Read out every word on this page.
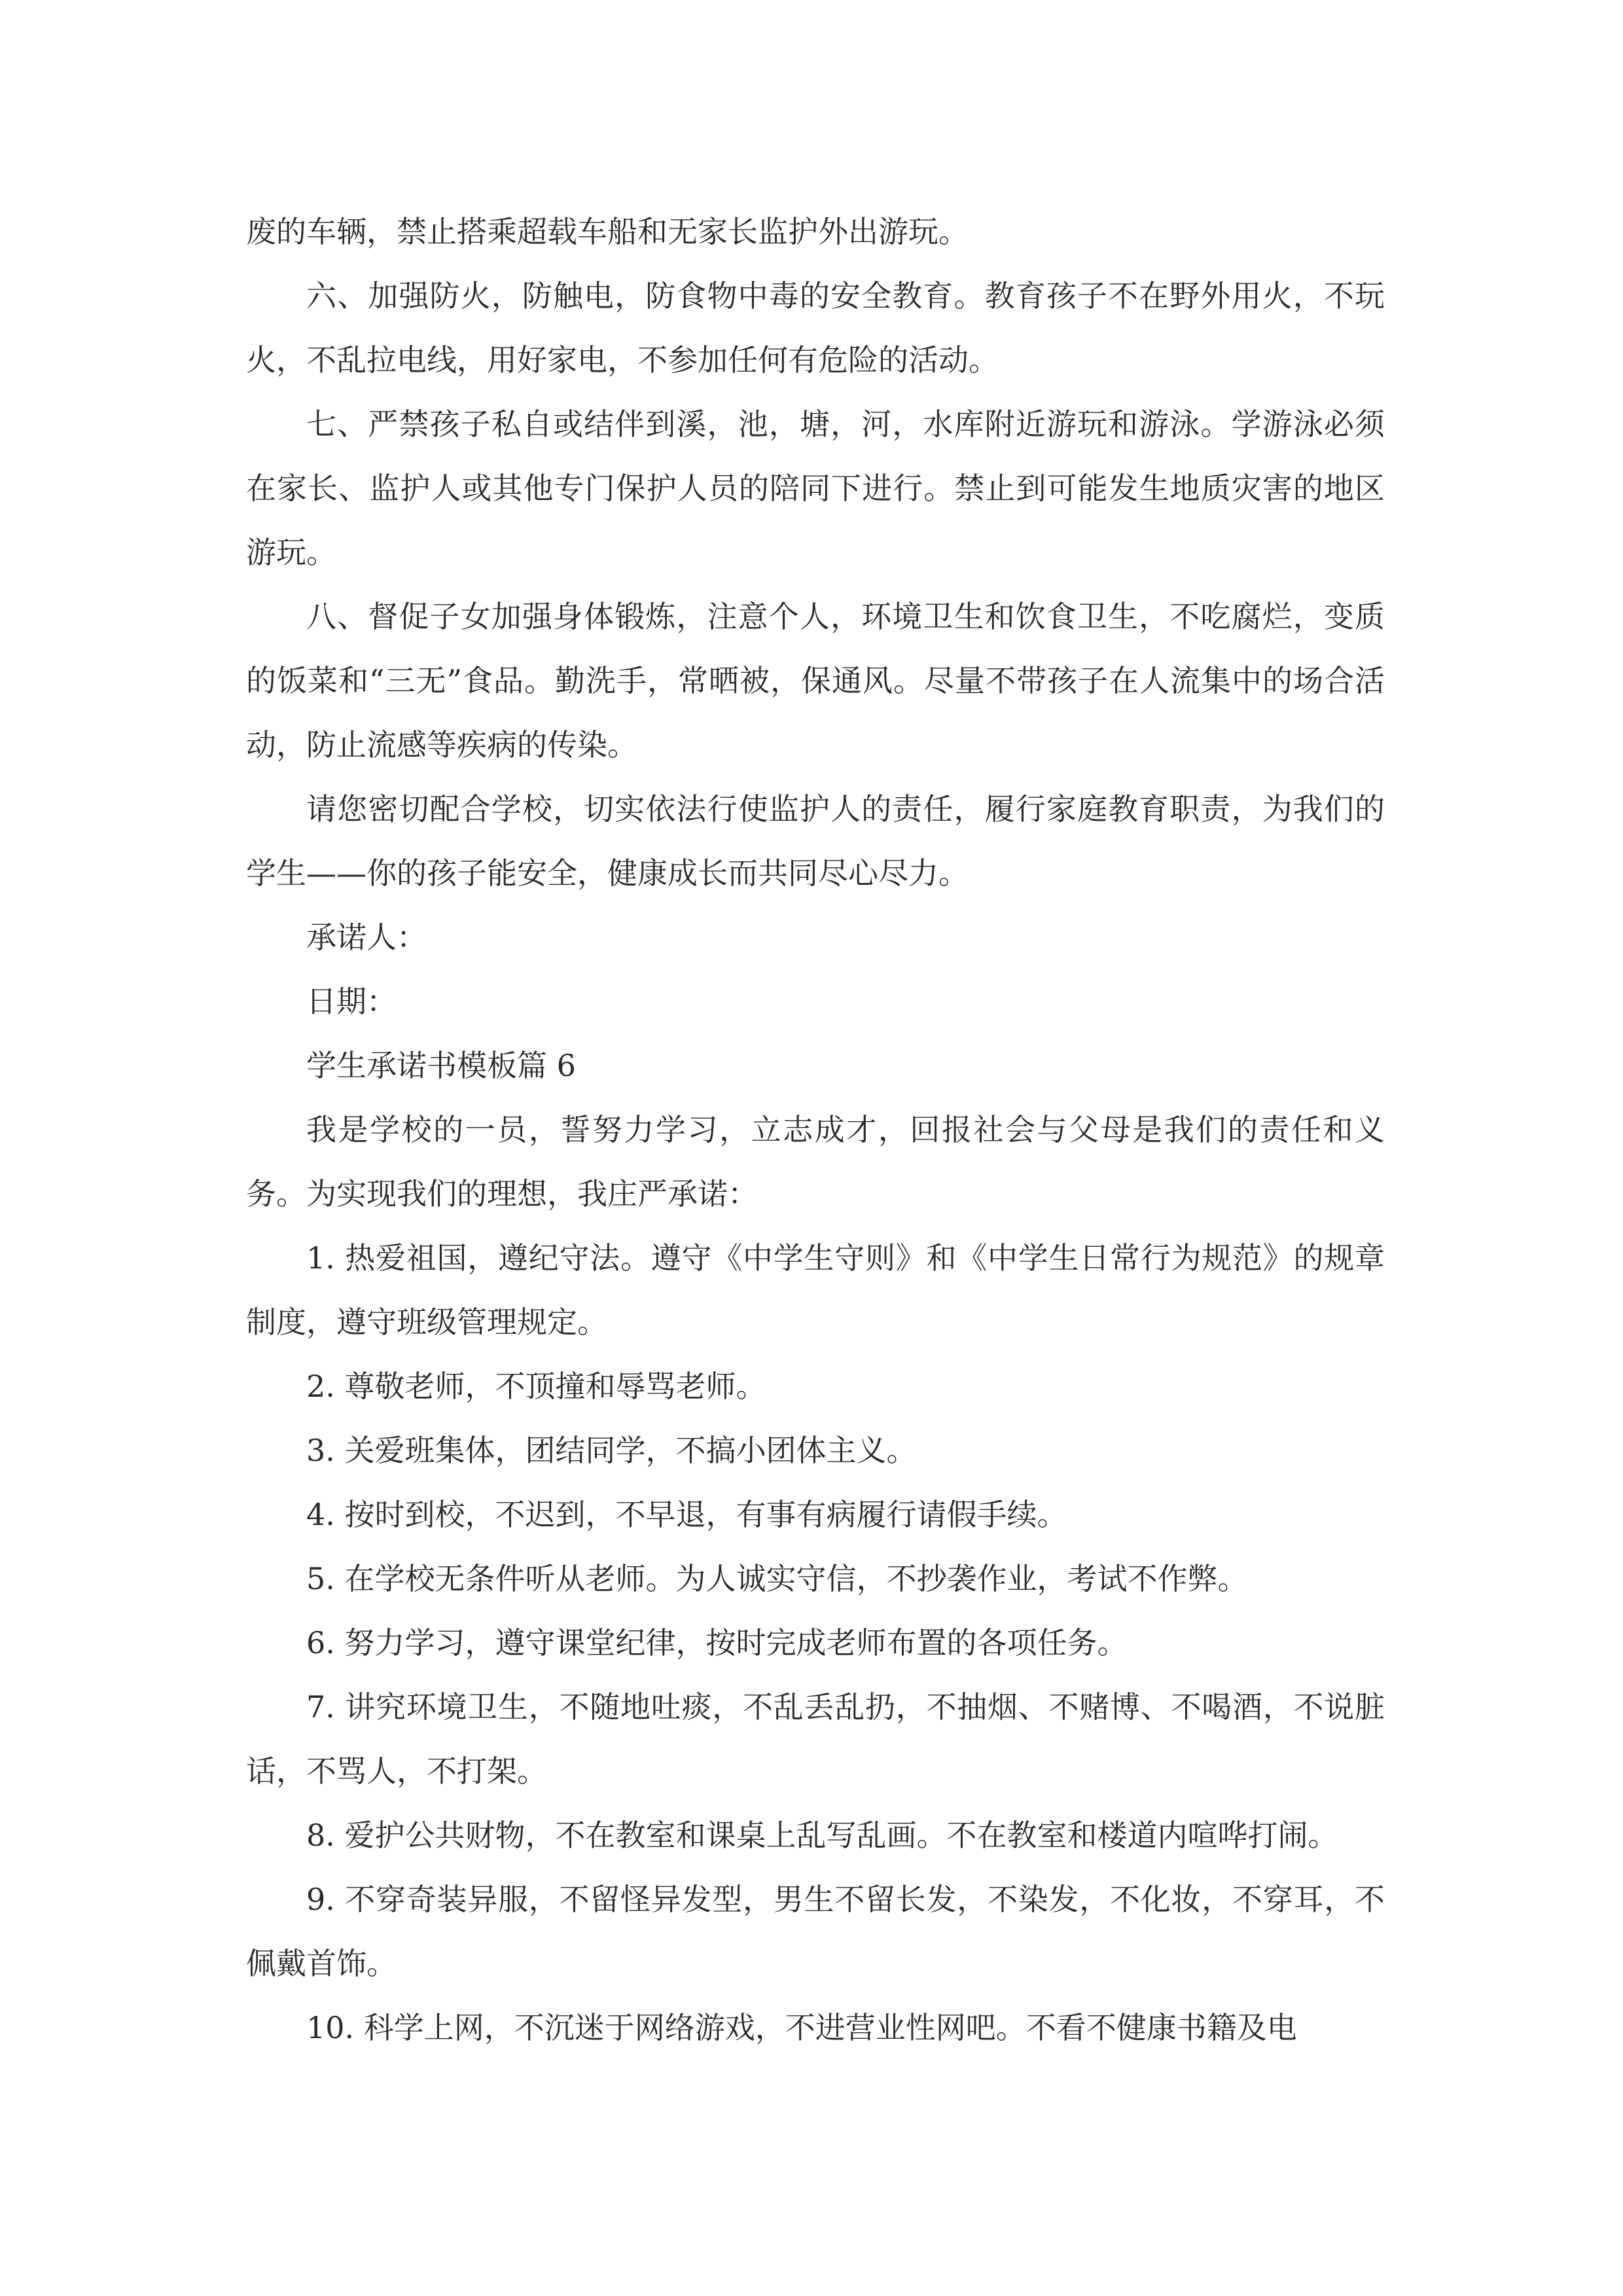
废的车辆，禁止搭乘超载车船和无家长监护外出游玩。

六、加强防火，防触电，防食物中毒的安全教育。教育孩子不在野外用火，不玩火，不乱拉电线，用好家电，不参加任何有危险的活动。

七、严禁孩子私自或结伴到溪，池，塘，河，水库附近游玩和游泳。学游泳必须在家长、监护人或其他专门保护人员的陪同下进行。禁止到可能发生地质灾害的地区游玩。

八、督促子女加强身体锻炼，注意个人，环境卫生和饮食卫生，不吃腐烂，变质的饭菜和“三无”食品。勤洗手，常晒被，保通风。尽量不带孩子在人流集中的场合活动，防止流感等疾病的传染。

请您密切配合学校，切实依法行使监护人的责任，履行家庭教育职责，为我们的学生——你的孩子能安全，健康成长而共同尽心尽力。

承诺人：

日期：

学生承诺书模板篇 6

我是学校的一员，誓努力学习，立志成才，回报社会与父母是我们的责任和义务。为实现我们的理想，我庄严承诺：

1. 热爱祖国，遵纪守法。遵守《中学生守则》和《中学生日常行为规范》的规章制度，遵守班级管理规定。

2. 尊敬老师，不顶撞和辱骂老师。

3. 关爱班集体，团结同学，不搞小团体主义。

4. 按时到校，不迟到，不早退，有事有病履行请假手续。

5. 在学校无条件听从老师。为人诚实守信，不抄袭作业，考试不作弊。

6. 努力学习，遵守课堂纪律，按时完成老师布置的各项任务。

7. 讲究环境卫生，不随地吐痰，不乱丢乱扔，不抽烟、不赌博、不喝酒，不说脏话，不骂人，不打架。

8. 爱护公共财物，不在教室和课桌上乱写乱画。不在教室和楼道内喧哗打闹。

9. 不穿奇装异服，不留怪异发型，男生不留长发，不染发，不化妆，不穿耳，不佩戴首饰。

10. 科学上网，不沉迷于网络游戏，不进营业性网吧。不看不健康书籍及电
